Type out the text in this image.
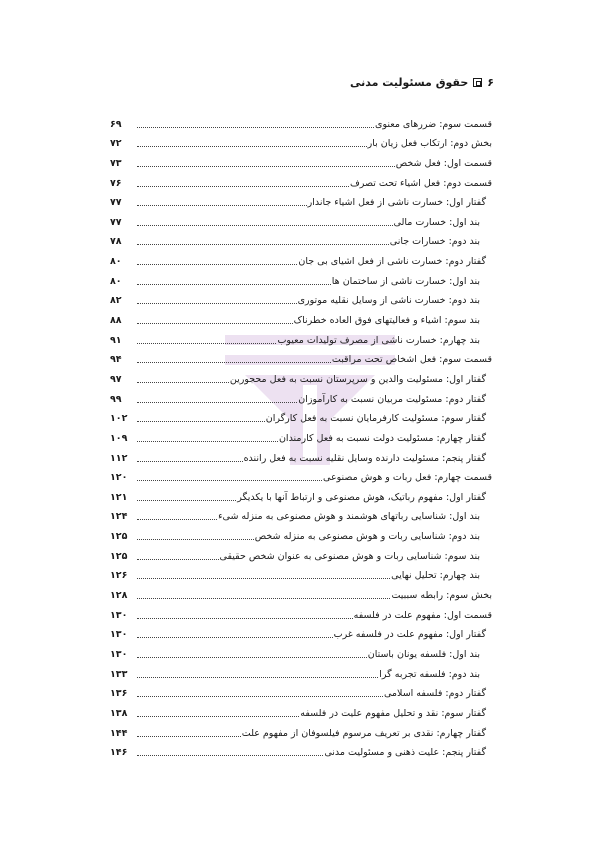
۶
حقوق مسئولیت مدنی
قسمت سوم: ضررهای معنوی
۶۹
بخش دوم: ارتکاب فعل زیان بار
۷۲
قسمت اول: فعل شخص
۷۳
قسمت دوم: فعل اشیاء تحت تصرف
۷۶
گفتار اول: خسارت ناشی از فعل اشیاء جاندار
۷۷
بند اول: خسارت مالی
۷۷
بند دوم: خسارات جانی
۷۸
گفتار دوم: خسارت ناشی از فعل اشیای بی جان
۸۰
بند اول: خسارت ناشی از ساختمان ها
۸۰
بند دوم: خسارت ناشی از وسایل نقلیه موتوری
۸۲
بند سوم: اشیاء و فعالیتهای فوق العاده خطرناک
۸۸
بند چهارم: خسارت ناشی از مصرف تولیدات معیوب
۹۱
قسمت سوم: فعل اشخاص تحت مراقبت
۹۴
گفتار اول: مسئولیت والدین و سرپرستان نسبت به فعل محجورین
۹۷
گفتار دوم: مسئولیت مربیان نسبت به کارآموزان
۹۹
گفتار سوم: مسئولیت کارفرمایان نسبت به فعل کارگران
۱۰۲
گفتار چهارم: مسئولیت دولت نسبت به فعل کارمندان
۱۰۹
گفتار پنجم: مسئولیت دارنده وسایل نقلیه نسبت به فعل راننده
۱۱۲
قسمت چهارم: فعل ربات و هوش مصنوعی
۱۲۰
گفتار اول: مفهوم رباتیک، هوش مصنوعی و ارتباط آنها با یکدیگر
۱۲۱
بند اول: شناسایی رباتهای هوشمند و هوش مصنوعی به منزله شیء
۱۲۴
بند دوم: شناسایی ربات و هوش مصنوعی به منزله شخص
۱۲۵
بند سوم: شناسایی ربات و هوش مصنوعی به عنوان شخص حقیقی
۱۲۵
بند چهارم: تحلیل نهایی
۱۲۶
بخش سوم: رابطه سببیت
۱۲۸
قسمت اول: مفهوم علت در فلسفه
۱۳۰
گفتار اول: مفهوم علت در فلسفه غرب
۱۳۰
بند اول: فلسفه یونان باستان
۱۳۰
بند دوم: فلسفه تجربه گرا
۱۳۳
گفتار دوم: فلسفه اسلامی
۱۳۶
گفتار سوم: نقد و تحلیل مفهوم علیت در فلسفه
۱۳۸
گفتار چهارم: نقدی بر تعریف مرسوم فیلسوفان از مفهوم علت
۱۴۴
گفتار پنجم: علیت ذهنی و مسئولیت مدنی
۱۴۶
